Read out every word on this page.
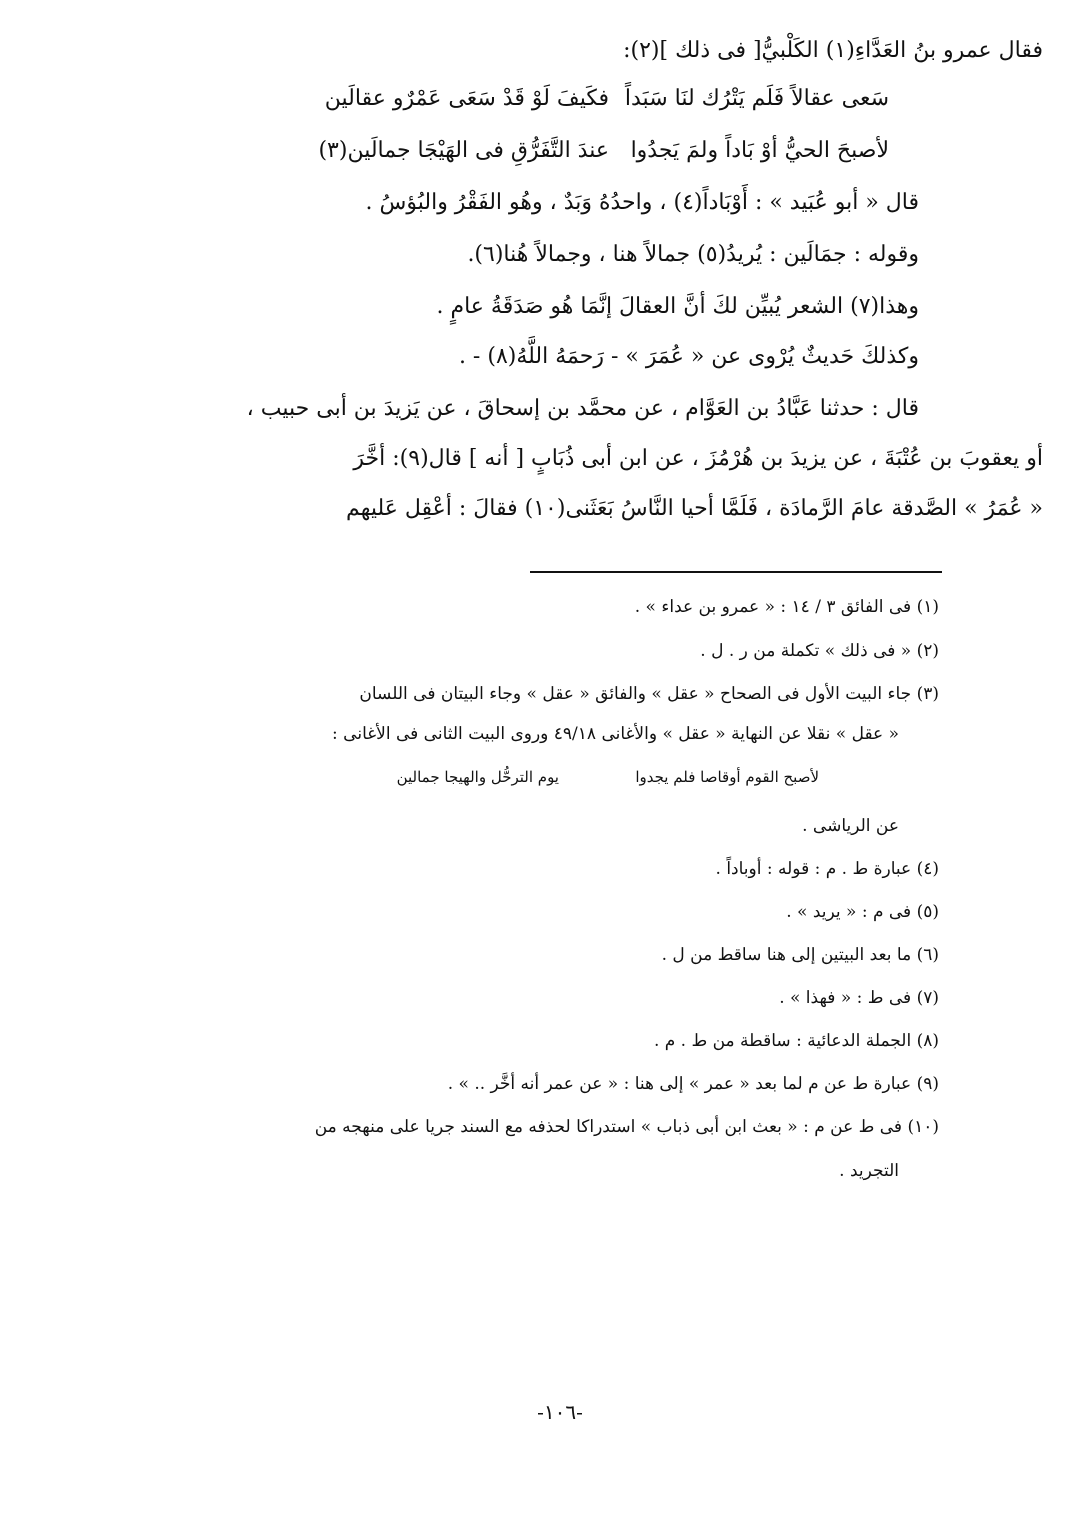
فقال عمرو بنُ العَدَّاءِ(١) الكَلْبيُّ[ فى ذلك ](٢):
سَعى عقالاً فَلَم يَتْرُك لنَا سَبَداً
فكَيفَ لَوْ قَدْ سَعَى عَمْرٌو عقالَين
لأصبحَ الحيُّ أوْ بَاداً ولمَ يَجدُوا
عندَ التَّفَرُّقِ فى الهَيْجَا جمالَين(٣)
قال « أبو عُبَيد » : أَوْبَاداً(٤) ، واحدُهُ وَبَدٌ ، وهُو الفَقْرُ والبُؤسُ .
وقوله : جمَالَين : يُريدُ(٥) جمالاً هنا ، وجمالاً هُنا(٦).
وهذا(٧) الشعر يُبيِّن لكَ أنَّ العقالَ إنَّمَا هُو صَدَقَةُ عامٍ .
وكذلكَ حَديثٌ يُرْوى عن « عُمَرَ » - رَحمَهُ اللَّهُ(٨) - .
قال : حدثنا عَبَّادُ بن العَوَّام ، عن محمَّد بن إسحاقَ ، عن يَزيدَ بن أبى حبيب ،
أو يعقوبَ بن عُتْبَةَ ، عن يزيدَ بن هُرْمُزَ ، عن ابن أبى ذُبَابٍ [ أنه ] قال(٩): أخَّرَ
« عُمَرُ » الصَّدقة عامَ الرَّمادَة ، فَلَمَّا أحيا النَّاسُ بَعَثَنى(١٠) فقالَ : أعْقِل عَليهم
(١) فى الفائق ٣ / ١٤ : « عمرو بن عداء » .
(٢) « فى ذلك » تكملة من ر . ل .
(٣) جاء البيت الأول فى الصحاح « عقل » والفائق « عقل » وجاء البيتان فى اللسان
« عقل » نقلا عن النهاية « عقل » والأغانى ٤٩/١٨ وروى البيت الثانى فى الأغانى :
لأصبح القوم أوقاصا فلم يجدوا
يوم الترحُّل والهيجا جمالين
عن الرياشى .
(٤) عبارة ط . م : قوله : أوباداً .
(٥) فى م : « يريد » .
(٦) ما بعد البيتين إلى هنا ساقط من ل .
(٧) فى ط : « فهذا » .
(٨) الجملة الدعائية : ساقطة من ط . م .
(٩) عبارة ط عن م لما بعد « عمر » إلى هنا : « عن عمر أنه أخَّر .. » .
(١٠) فى ط عن م : « بعث ابن أبى ذباب » استدراكا لحذفه مع السند جريا على منهجه من
التجريد .
-١٠٦-
